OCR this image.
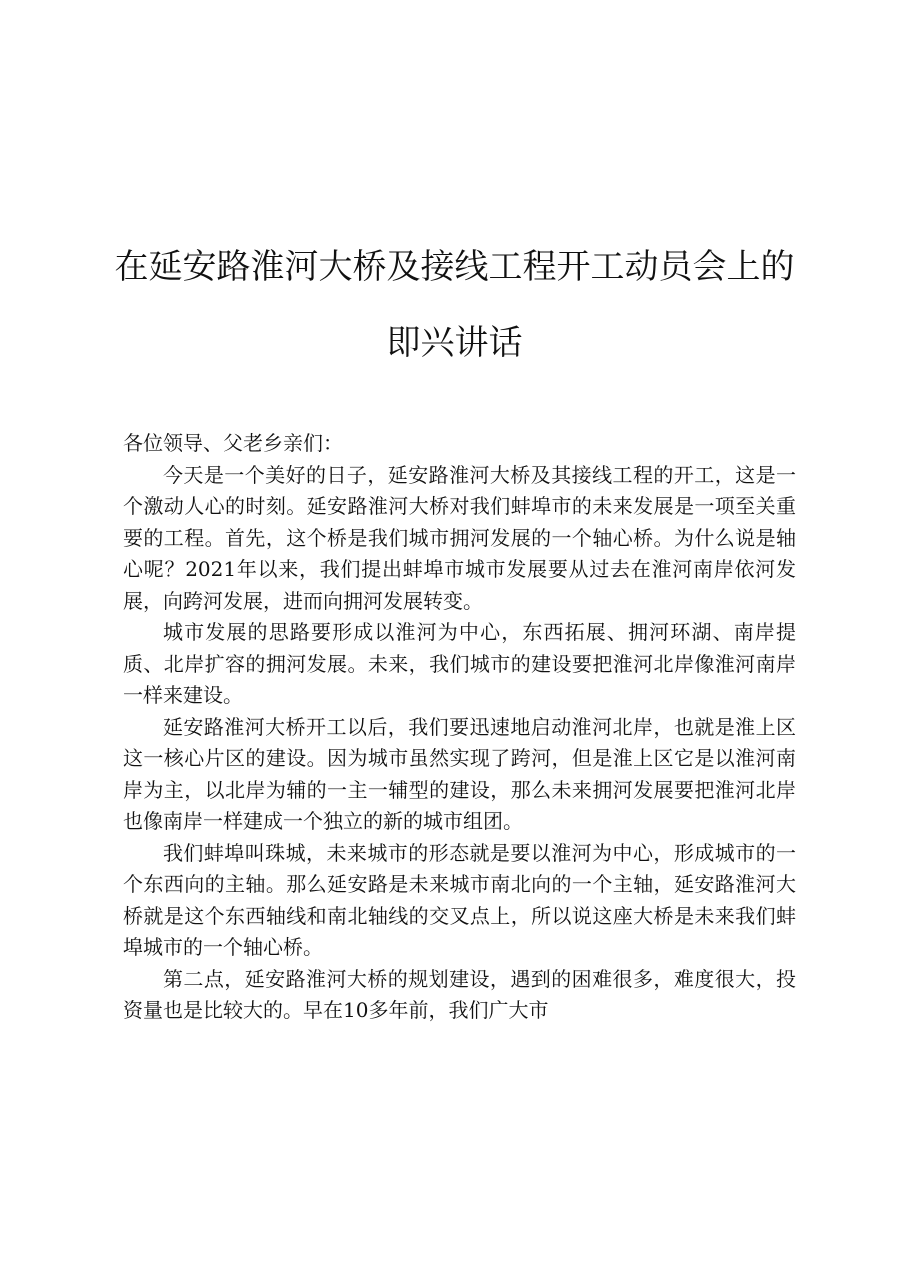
在延安路淮河大桥及接线工程开工动员会上的
即兴讲话

各位领导、父老乡亲们：

今天是一个美好的日子，延安路淮河大桥及其接线工程的开工，这是一个激动人心的时刻。延安路淮河大桥对我们蚌埠市的未来发展是一项至关重要的工程。首先，这个桥是我们城市拥河发展的一个轴心桥。为什么说是轴心呢？2021年以来，我们提出蚌埠市城市发展要从过去在淮河南岸依河发展，向跨河发展，进而向拥河发展转变。

城市发展的思路要形成以淮河为中心，东西拓展、拥河环湖、南岸提质、北岸扩容的拥河发展。未来，我们城市的建设要把淮河北岸像淮河南岸一样来建设。

延安路淮河大桥开工以后，我们要迅速地启动淮河北岸，也就是淮上区这一核心片区的建设。因为城市虽然实现了跨河，但是淮上区它是以淮河南岸为主，以北岸为辅的一主一辅型的建设，那么未来拥河发展要把淮河北岸也像南岸一样建成一个独立的新的城市组团。

我们蚌埠叫珠城，未来城市的形态就是要以淮河为中心，形成城市的一个东西向的主轴。那么延安路是未来城市南北向的一个主轴，延安路淮河大桥就是这个东西轴线和南北轴线的交叉点上，所以说这座大桥是未来我们蚌埠城市的一个轴心桥。

第二点，延安路淮河大桥的规划建设，遇到的困难很多，难度很大，投资量也是比较大的。早在10多年前，我们广大市
